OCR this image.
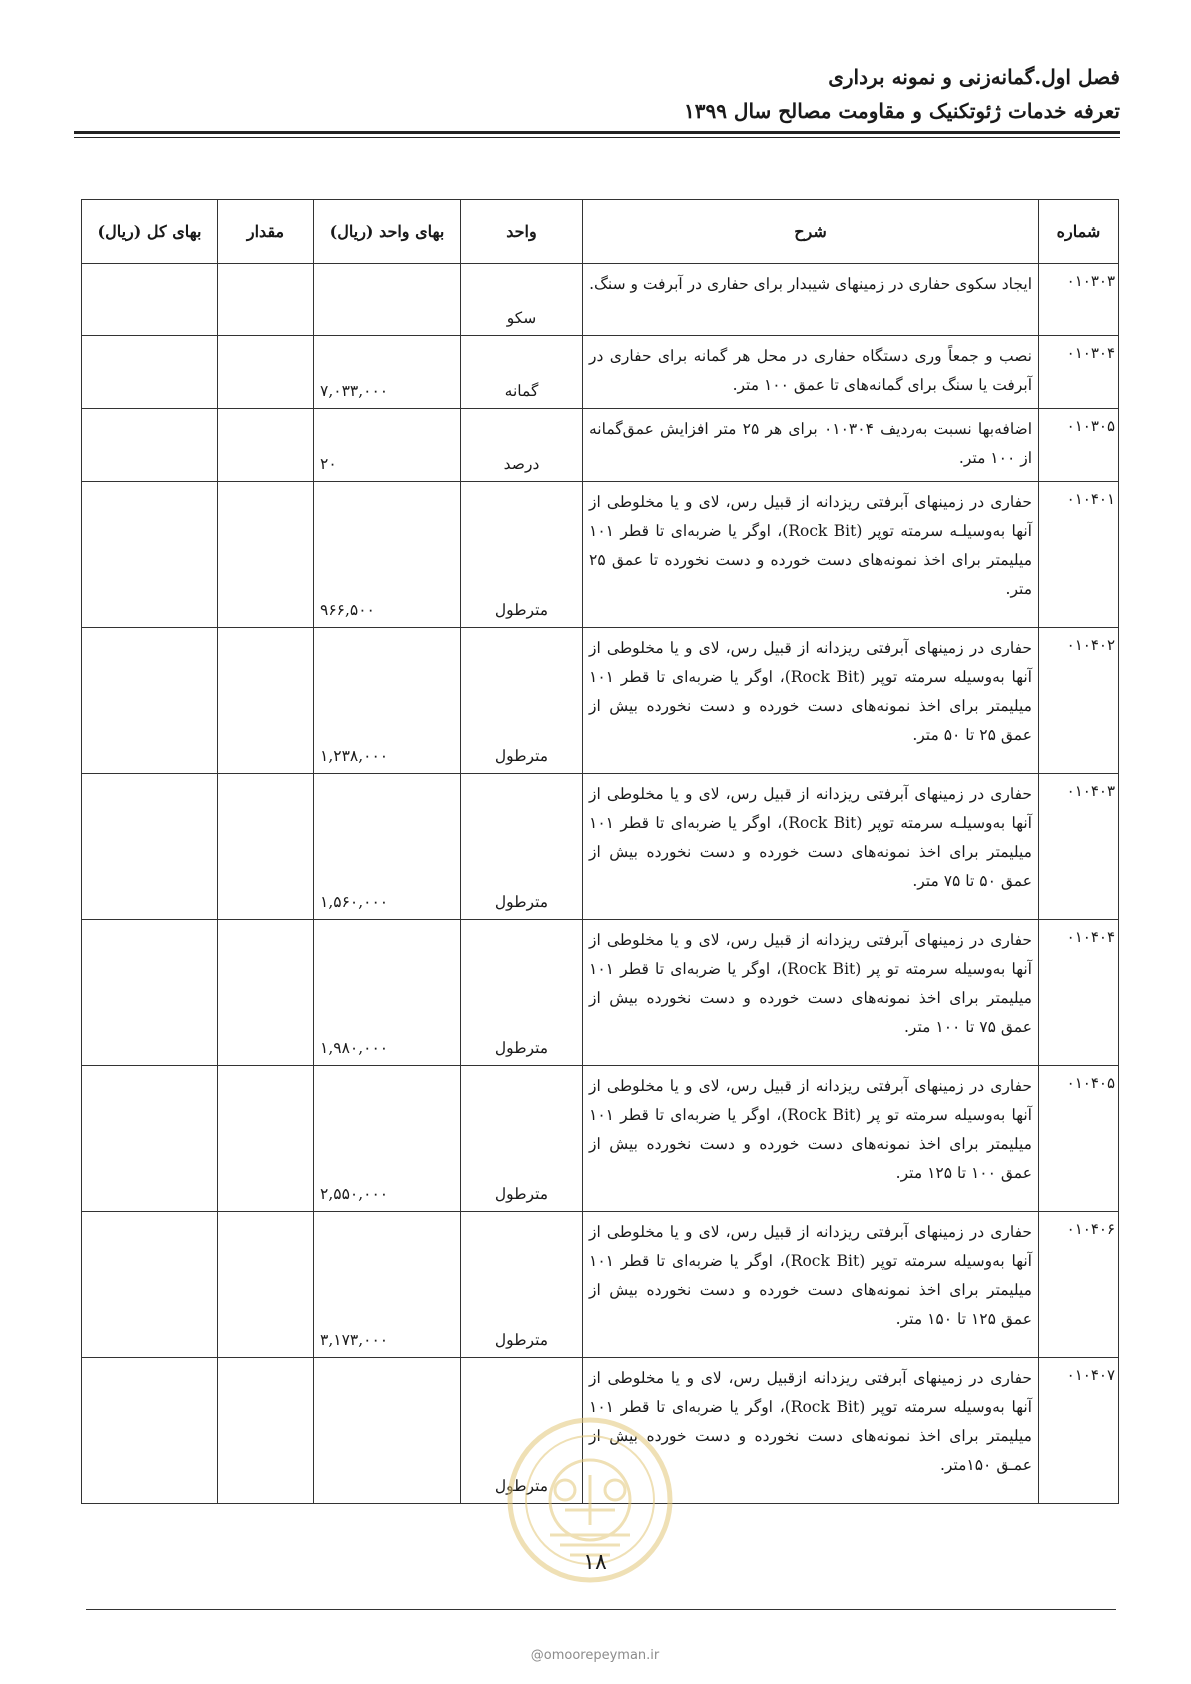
فصل اول.گمانه‌زنی و نمونه برداری
تعرفه خدمات ژئوتکنیک و مقاومت مصالح سال ۱۳۹۹
شماره	شرح	واحد	بهای واحد (ریال)	مقدار	بهای کل (ریال)
۰۱۰۳۰۳	ایجاد سکوی حفاری در زمینهای شیبدار برای حفاری در آبرفت و سنگ.	سکو			
۰۱۰۳۰۴	نصب و جمعاً وری دستگاه حفاری در محل هر گمانه برای حفاری در آبرفت یا سنگ برای گمانه‌های تا عمق ۱۰۰ متر.	گمانه	۷,۰۳۳,۰۰۰		
۰۱۰۳۰۵	اضافه‌بها نسبت به‌ردیف ۰۱۰۳۰۴ برای هر ۲۵ متر افزایش عمق‌گمانه از ۱۰۰ متر.	درصد	۲۰		
۰۱۰۴۰۱	حفاری در زمینهای آبرفتی ریزدانه از قبیل رس، لای و یا مخلوطی از آنها به‌وسیلـه سرمته توپر (Rock Bit)، اوگر یا ضربه‌ای تا قطر ۱۰۱ میلیمتر برای اخذ نمونه‌های دست خورده و دست نخورده تا عمق ۲۵ متر.	مترطول	۹۶۶,۵۰۰		
۰۱۰۴۰۲	حفاری در زمینهای آبرفتی ریزدانه از قبیل رس، لای و یا مخلوطی از آنها به‌وسیله سرمته توپر (Rock Bit)، اوگر یا ضربه‌ای تا قطر ۱۰۱ میلیمتر برای اخذ نمونه‌های دست خورده و دست نخورده بیش از عمق ۲۵ تا ۵۰ متر.	مترطول	۱,۲۳۸,۰۰۰		
۰۱۰۴۰۳	حفاری در زمینهای آبرفتی ریزدانه از قبیل رس، لای و یا مخلوطی از آنها به‌وسیلـه سرمته توپر (Rock Bit)، اوگر یا ضربه‌ای تا قطر ۱۰۱ میلیمتر برای اخذ نمونه‌های دست خورده و دست نخورده بیش از عمق ۵۰ تا ۷۵ متر.	مترطول	۱,۵۶۰,۰۰۰		
۰۱۰۴۰۴	حفاری در زمینهای آبرفتی ریزدانه از قبیل رس، لای و یا مخلوطی از آنها به‌وسیله سرمته تو پر (Rock Bit)، اوگر یا ضربه‌ای تا قطر ۱۰۱ میلیمتر برای اخذ نمونه‌های دست خورده و دست نخورده بیش از عمق ۷۵ تا ۱۰۰ متر.	مترطول	۱,۹۸۰,۰۰۰		
۰۱۰۴۰۵	حفاری در زمینهای آبرفتی ریزدانه از قبیل رس، لای و یا مخلوطی از آنها به‌وسیله سرمته تو پر (Rock Bit)، اوگر یا ضربه‌ای تا قطر ۱۰۱ میلیمتر برای اخذ نمونه‌های دست خورده و دست نخورده بیش از عمق ۱۰۰ تا ۱۲۵ متر.	مترطول	۲,۵۵۰,۰۰۰		
۰۱۰۴۰۶	حفاری در زمینهای آبرفتی ریزدانه از قبیل رس، لای و یا مخلوطی از آنها به‌وسیله سرمته توپر (Rock Bit)، اوگر یا ضربه‌ای تا قطر ۱۰۱ میلیمتر برای اخذ نمونه‌های دست خورده و دست نخورده بیش از عمق ۱۲۵ تا ۱۵۰ متر.	مترطول	۳,۱۷۳,۰۰۰		
۰۱۰۴۰۷	حفاری در زمینهای آبرفتی ریزدانه ازقبیل رس، لای و یا مخلوطی از آنها به‌وسیله سرمته توپر (Rock Bit)، اوگر یا ضربه‌ای تا قطر ۱۰۱ میلیمتر برای اخذ نمونه‌های دست نخورده و دست خورده بیش از عمـق ۱۵۰متر.	مترطول			
۱۸
@omoorepeyman.ir
